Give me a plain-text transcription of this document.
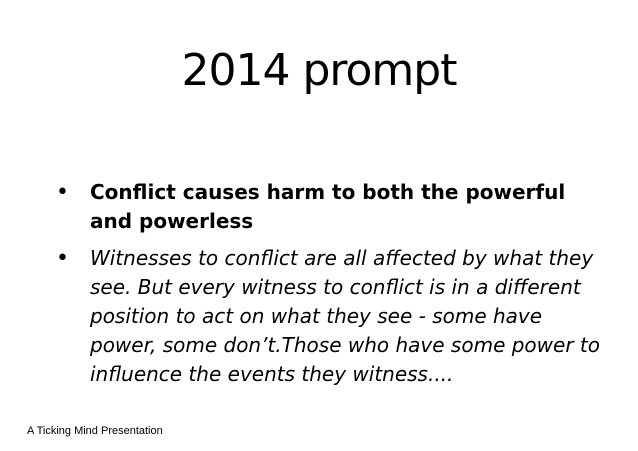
2014 prompt
• Conflict causes harm to both the powerful and powerless
• Witnesses to conflict are all affected by what they see. But every witness to conflict is in a different position to act on what they see - some have power, some don’t.Those who have some power to influence the events they witness....
A Ticking Mind Presentation
